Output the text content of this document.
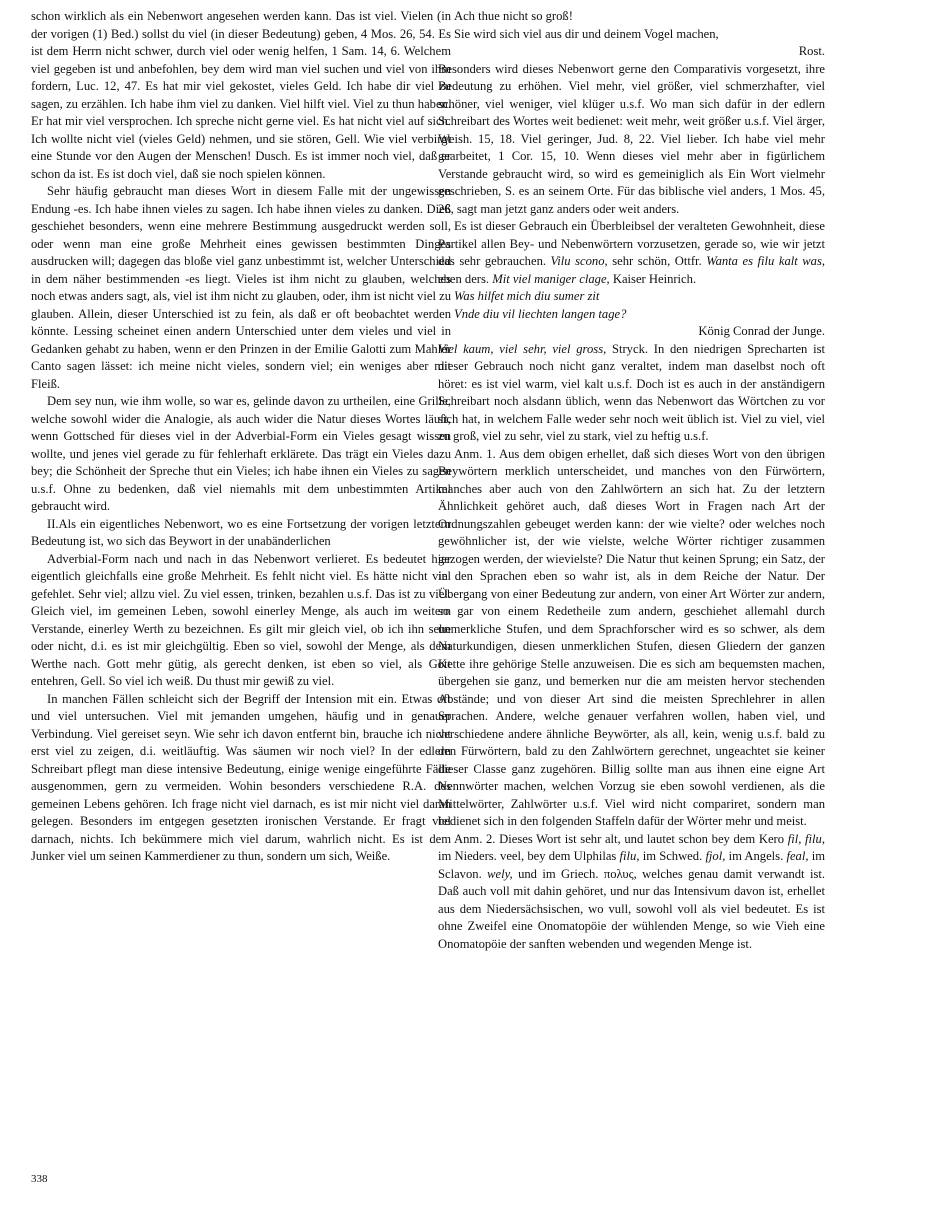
schon wirklich als ein Nebenwort angesehen werden kann. Das ist viel. Vielen (in der vorigen (1) Bed.) sollst du viel (in dieser Bedeutung) geben, 4 Mos. 26, 54. Es ist dem Herrn nicht schwer, durch viel oder wenig helfen, 1 Sam. 14, 6. Welchem viel gegeben ist und anbefohlen, bey dem wird man viel suchen und viel von ihm fordern, Luc. 12, 47. Es hat mir viel gekostet, vieles Geld. Ich habe dir viel zu sagen, zu erzählen. Ich habe ihm viel zu danken. Viel hilft viel. Viel zu thun haben. Er hat mir viel versprochen. Ich spreche nicht gerne viel. Es hat nicht viel auf sich. Ich wollte nicht viel (vieles Geld) nehmen, und sie stören, Gell. Wie viel verbirgt eine Stunde vor den Augen der Menschen! Dusch. Es ist immer noch viel, daß er schon da ist. Es ist doch viel, daß sie noch spielen können.

Sehr häufig gebraucht man dieses Wort in diesem Falle mit der ungewissen Endung -es. Ich habe ihnen vieles zu sagen. Ich habe ihnen vieles zu danken. Dieß geschiehet besonders, wenn eine mehrere Bestimmung ausgedruckt werden soll, oder wenn man eine große Mehrheit eines gewissen bestimmten Dinges ausdrucken will; dagegen das bloße viel ganz unbestimmt ist, welcher Unterschied in dem näher bestimmenden -es liegt. Vieles ist ihm nicht zu glauben, welches noch etwas anders sagt, als, viel ist ihm nicht zu glauben, oder, ihm ist nicht viel zu glauben. Allein, dieser Unterschied ist zu fein, als daß er oft beobachtet werden könnte. Lessing scheinet einen andern Unterschied unter dem vieles und viel in Gedanken gehabt zu haben, wenn er den Prinzen in der Emilie Galotti zum Mahler Canto sagen lässet: ich meine nicht vieles, sondern viel; ein weniges aber mit Fleiß.

Dem sey nun, wie ihm wolle, so war es, gelinde davon zu urtheilen, eine Grille, welche sowohl wider die Analogie, als auch wider die Natur dieses Wortes läuft, wenn Gottsched für dieses viel in der Adverbial-Form ein Vieles gesagt wissen wollte, und jenes viel gerade zu für fehlerhaft erklärete. Das trägt ein Vieles dazu bey; die Schönheit der Spreche thut ein Vieles; ich habe ihnen ein Vieles zu sagen u.s.f. Ohne zu bedenken, daß viel niemahls mit dem unbestimmten Artikel gebraucht wird.

II.Als ein eigentliches Nebenwort, wo es eine Fortsetzung der vorigen letztern Bedeutung ist, wo sich das Beywort in der unabänderlichen

Adverbial-Form nach und nach in das Nebenwort verlieret. Es bedeutet hier eigentlich gleichfalls eine große Mehrheit. Es fehlt nicht viel. Es hätte nicht viel gefehlet. Sehr viel; allzu viel. Zu viel essen, trinken, bezahlen u.s.f. Das ist zu viel. Gleich viel, im gemeinen Leben, sowohl einerley Menge, als auch im weitern Verstande, einerley Werth zu bezeichnen. Es gilt mir gleich viel, ob ich ihn sehe oder nicht, d.i. es ist mir gleichgültig. Eben so viel, sowohl der Menge, als dem Werthe nach. Gott mehr gütig, als gerecht denken, ist eben so viel, als Gott entehren, Gell. So viel ich weiß. Du thust mir gewiß zu viel.

In manchen Fällen schleicht sich der Begriff der Intension mit ein. Etwas oft und viel untersuchen. Viel mit jemanden umgehen, häufig und in genauer Verbindung. Viel gereiset seyn. Wie sehr ich davon entfernt bin, brauche ich nicht erst viel zu zeigen, d.i. weitläuftig. Was säumen wir noch viel? In der edlern Schreibart pflegt man diese intensive Bedeutung, einige wenige eingeführte Fälle ausgenommen, gern zu vermeiden. Wohin besonders verschiedene R.A. des gemeinen Lebens gehören. Ich frage nicht viel darnach, es ist mir nicht viel daran gelegen. Besonders im entgegen gesetzten ironischen Verstande. Er fragt viel darnach, nichts. Ich bekümmere mich viel darum, wahrlich nicht. Es ist dem Junker viel um seinen Kammerdiener zu thun, sondern um sich, Weiße.

Ach thue nicht so groß!

Sie wird sich viel aus dir und deinem Vogel machen,

Rost.

Besonders wird dieses Nebenwort gerne den Comparativis vorgesetzt, ihre Bedeutung zu erhöhen. Viel mehr, viel größer, viel schmerzhafter, viel schöner, viel weniger, viel klüger u.s.f. Wo man sich dafür in der edlern Schreibart des Wortes weit bedienet: weit mehr, weit größer u.s.f. Viel ärger, Weish. 15, 18. Viel geringer, Jud. 8, 22. Viel lieber. Ich habe viel mehr gearbeitet, 1 Cor. 15, 10. Wenn dieses viel mehr aber in figürlichem Verstande gebraucht wird, so wird es gemeiniglich als Ein Wort vielmehr geschrieben, S. es an seinem Orte. Für das biblische viel anders, 1 Mos. 45, 26, sagt man jetzt ganz anders oder weit anders.

Es ist dieser Gebrauch ein Überbleibsel der veralteten Gewohnheit, diese Partikel allen Bey- und Nebenwörtern vorzusetzen, gerade so, wie wir jetzt das sehr gebrauchen. Vilu scono, sehr schön, Ottfr. Wanta es filu kalt was, eben ders. Mit viel maniger clage, Kaiser Heinrich.

Was hilfet mich diu sumer zit

Vnde diu vil liechten langen tage?

König Conrad der Junge.

Viel kaum, viel sehr, viel gross, Stryck. In den niedrigen Sprecharten ist dieser Gebrauch noch nicht ganz veraltet, indem man daselbst noch oft höret: es ist viel warm, viel kalt u.s.f. Doch ist es auch in der anständigern Schreibart noch alsdann üblich, wenn das Nebenwort das Wörtchen zu vor sich hat, in welchem Falle weder sehr noch weit üblich ist. Viel zu viel, viel zu groß, viel zu sehr, viel zu stark, viel zu heftig u.s.f.

Anm. 1. Aus dem obigen erhellet, daß sich dieses Wort von den übrigen Beywörtern merklich unterscheidet, und manches von den Fürwörtern, manches aber auch von den Zahlwörtern an sich hat. Zu der letztern Ähnlichkeit gehöret auch, daß dieses Wort in Fragen nach Art der Ordnungszahlen gebeuget werden kann: der wie vielte? oder welches noch gewöhnlicher ist, der wie vielste, welche Wörter richtiger zusammen gezogen werden, der wievielste? Die Natur thut keinen Sprung; ein Satz, der in den Sprachen eben so wahr ist, als in dem Reiche der Natur. Der Übergang von einer Bedeutung zur andern, von einer Art Wörter zur andern, so gar von einem Redetheile zum andern, geschiehet allemahl durch unmerkliche Stufen, und dem Sprachforscher wird es so schwer, als dem Naturkundigen, diesen unmerklichen Stufen, diesen Gliedern der ganzen Kette ihre gehörige Stelle anzuweisen. Die es sich am bequemsten machen, übergehen sie ganz, und bemerken nur die am meisten hervor stechenden Abstände; und von dieser Art sind die meisten Sprechlehrer in allen Sprachen. Andere, welche genauer verfahren wollen, haben viel, und verschiedene andere ähnliche Beywörter, als all, kein, wenig u.s.f. bald zu den Fürwörtern, bald zu den Zahlwörtern gerechnet, ungeachtet sie keiner dieser Classe ganz zugehören. Billig sollte man aus ihnen eine eigne Art Nennwörter machen, welchen Vorzug sie eben sowohl verdienen, als die Mittelwörter, Zahlwörter u.s.f. Viel wird nicht compariret, sondern man bedienet sich in den folgenden Staffeln dafür der Wörter mehr und meist.

Anm. 2. Dieses Wort ist sehr alt, und lautet schon bey dem Kero fil, filu, im Nieders. veel, bey dem Ulphilas filu, im Schwed. fjol, im Angels. feal, im Sclavon. wely, und im Griech. πολυς, welches genau damit verwandt ist. Daß auch voll mit dahin gehöret, und nur das Intensivum davon ist, erhellet aus dem Niedersächsischen, wo vull, sowohl voll als viel bedeutet. Es ist ohne Zweifel eine Onomatopöie der wühlenden Menge, so wie Vieh eine Onomatopöie der sanften webenden und wegenden Menge ist.

338
